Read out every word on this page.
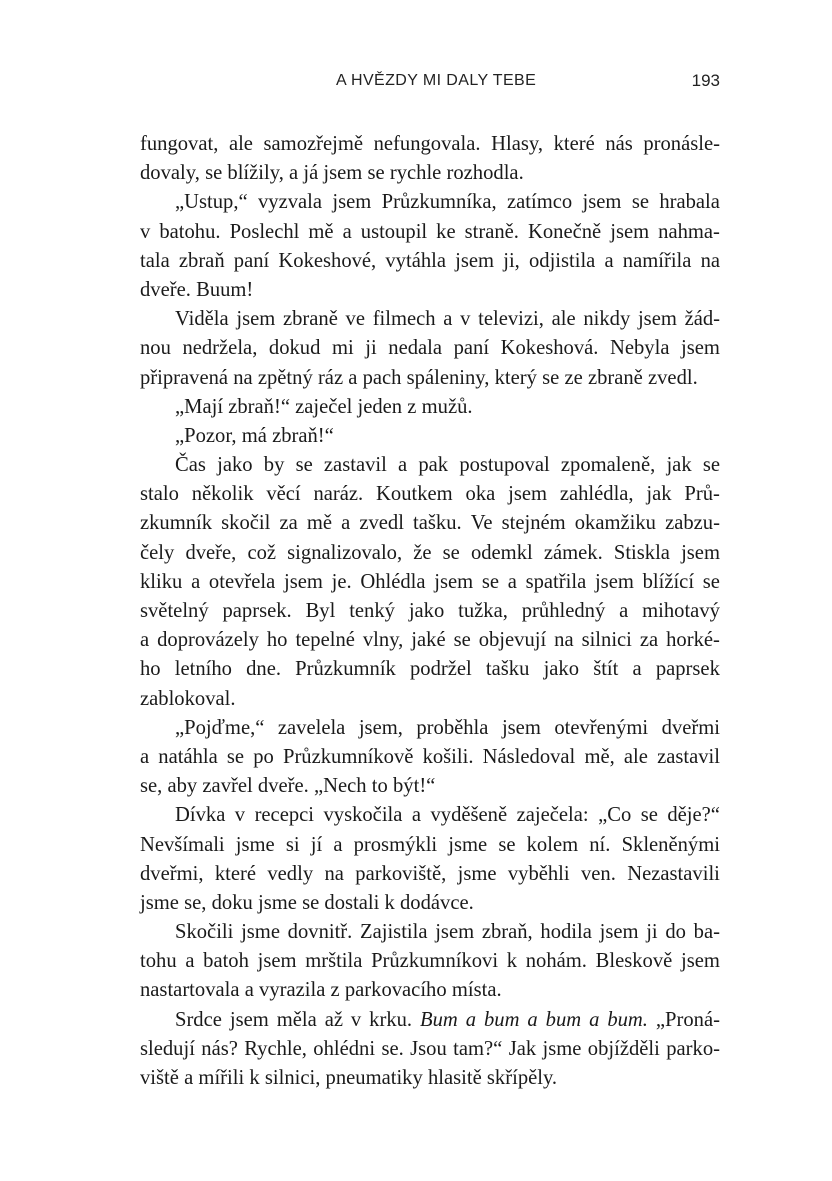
A HVĚZDY MI DALY TEBE	193
fungovat, ale samozřejmě nefungovala. Hlasy, které nás pronásle-
dovaly, se blížily, a já jsem se rychle rozhodla.
„Ustup,“ vyzvala jsem Průzkumníka, zatímco jsem se hrabala
v batohu. Poslechl mě a ustoupil ke straně. Konečně jsem nahma-
tala zbraň paní Kokeshové, vytáhla jsem ji, odjistila a namířila na
dveře. Buum!
Viděla jsem zbraně ve filmech a v televizi, ale nikdy jsem žád-
nou nedržela, dokud mi ji nedala paní Kokeshová. Nebyla jsem
připravená na zpětný ráz a pach spáleniny, který se ze zbraně zvedl.
„Mají zbraň!“ zaječel jeden z mužů.
„Pozor, má zbraň!“
Čas jako by se zastavil a pak postupoval zpomaleně, jak se
stalo několik věcí naráz. Koutkem oka jsem zahlédla, jak Prů-
zkumník skočil za mě a zvedl tašku. Ve stejném okamžiku zabzu-
čely dveře, což signalizovalo, že se odemkl zámek. Stiskla jsem
kliku a otevřela jsem je. Ohlédla jsem se a spatřila jsem blížící se
světelný paprsek. Byl tenký jako tužka, průhledný a mihotavý
a doprovázely ho tepelné vlny, jaké se objevují na silnici za horké-
ho letního dne. Průzkumník podržel tašku jako štít a paprsek
zablokoval.
„Pojďme,“ zavelela jsem, proběhla jsem otevřenými dveřmi
a natáhla se po Průzkumníkově košili. Následoval mě, ale zastavil
se, aby zavřel dveře. „Nech to být!“
Dívka v recepci vyskočila a vyděšeně zaječela: „Co se děje?“
Nevšímali jsme si jí a prosmýkli jsme se kolem ní. Skleněnými
dveřmi, které vedly na parkoviště, jsme vyběhli ven. Nezastavili
jsme se, doku jsme se dostali k dodávce.
Skočili jsme dovnitř. Zajistila jsem zbraň, hodila jsem ji do ba-
tohu a batoh jsem mrštila Průzkumníkovi k nohám. Bleskově jsem
nastartovala a vyrazila z parkovacího místa.
Srdce jsem měla až v krku. Bum a bum a bum a bum. „Proná-
sledují nás? Rychle, ohlédni se. Jsou tam?“ Jak jsme objížděli parko-
viště a mířili k silnici, pneumatiky hlasitě skřípěly.
